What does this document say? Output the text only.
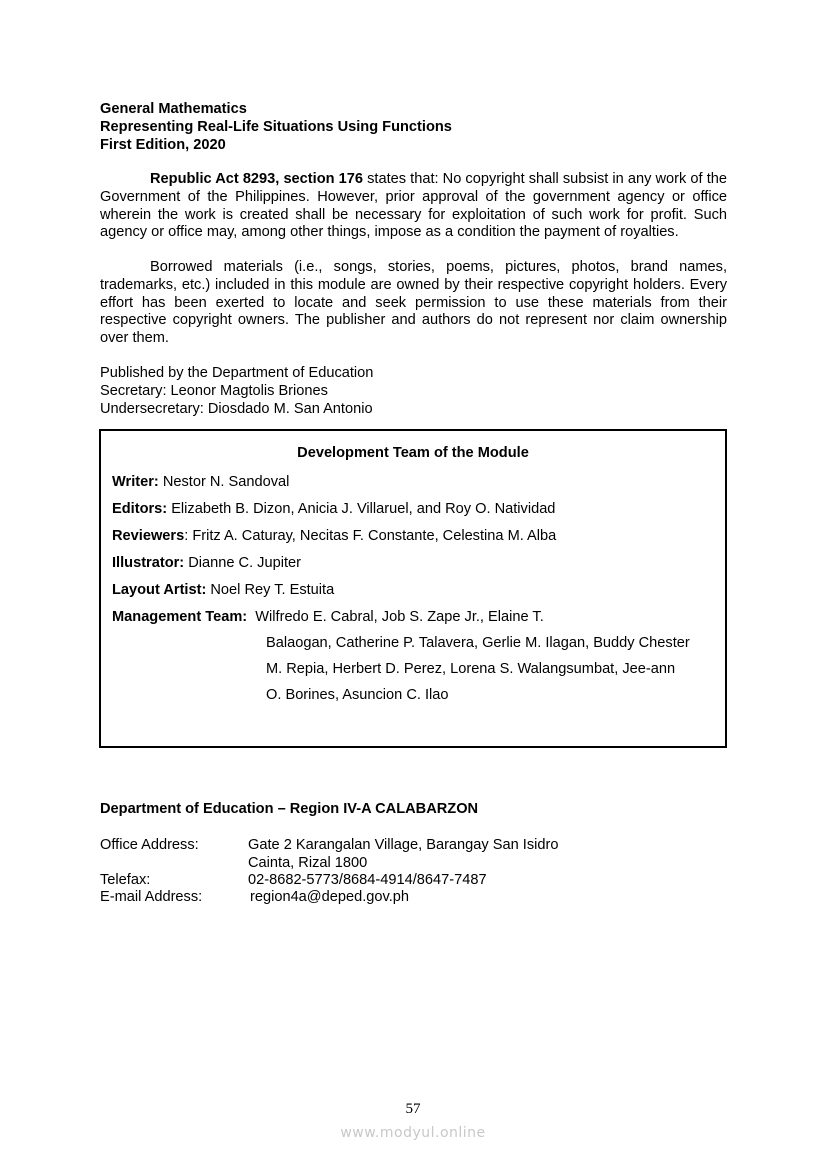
General Mathematics
Representing Real-Life Situations Using Functions
First Edition, 2020
Republic Act 8293, section 176 states that: No copyright shall subsist in any work of the Government of the Philippines. However, prior approval of the government agency or office wherein the work is created shall be necessary for exploitation of such work for profit. Such agency or office may, among other things, impose as a condition the payment of royalties.
Borrowed materials (i.e., songs, stories, poems, pictures, photos, brand names, trademarks, etc.) included in this module are owned by their respective copyright holders. Every effort has been exerted to locate and seek permission to use these materials from their respective copyright owners. The publisher and authors do not represent nor claim ownership over them.
Published by the Department of Education
Secretary: Leonor Magtolis Briones
Undersecretary: Diosdado M. San Antonio
Development Team of the Module
Writer: Nestor N. Sandoval
Editors: Elizabeth B. Dizon, Anicia J. Villaruel, and Roy O. Natividad
Reviewers: Fritz A. Caturay, Necitas F. Constante, Celestina M. Alba
Illustrator: Dianne C. Jupiter
Layout Artist: Noel Rey T. Estuita
Management Team:  Wilfredo E. Cabral, Job S. Zape Jr., Elaine T.
Balaogan, Catherine P. Talavera, Gerlie M. Ilagan, Buddy Chester
M. Repia, Herbert D. Perez, Lorena S. Walangsumbat, Jee-ann
O. Borines, Asuncion C. Ilao
Department of Education – Region IV-A CALABARZON
Office Address:	Gate 2 Karangalan Village, Barangay San Isidro
Cainta, Rizal 1800
Telefax:	02-8682-5773/8684-4914/8647-7487
E-mail Address:	region4a@deped.gov.ph
57
www.modyul.online
